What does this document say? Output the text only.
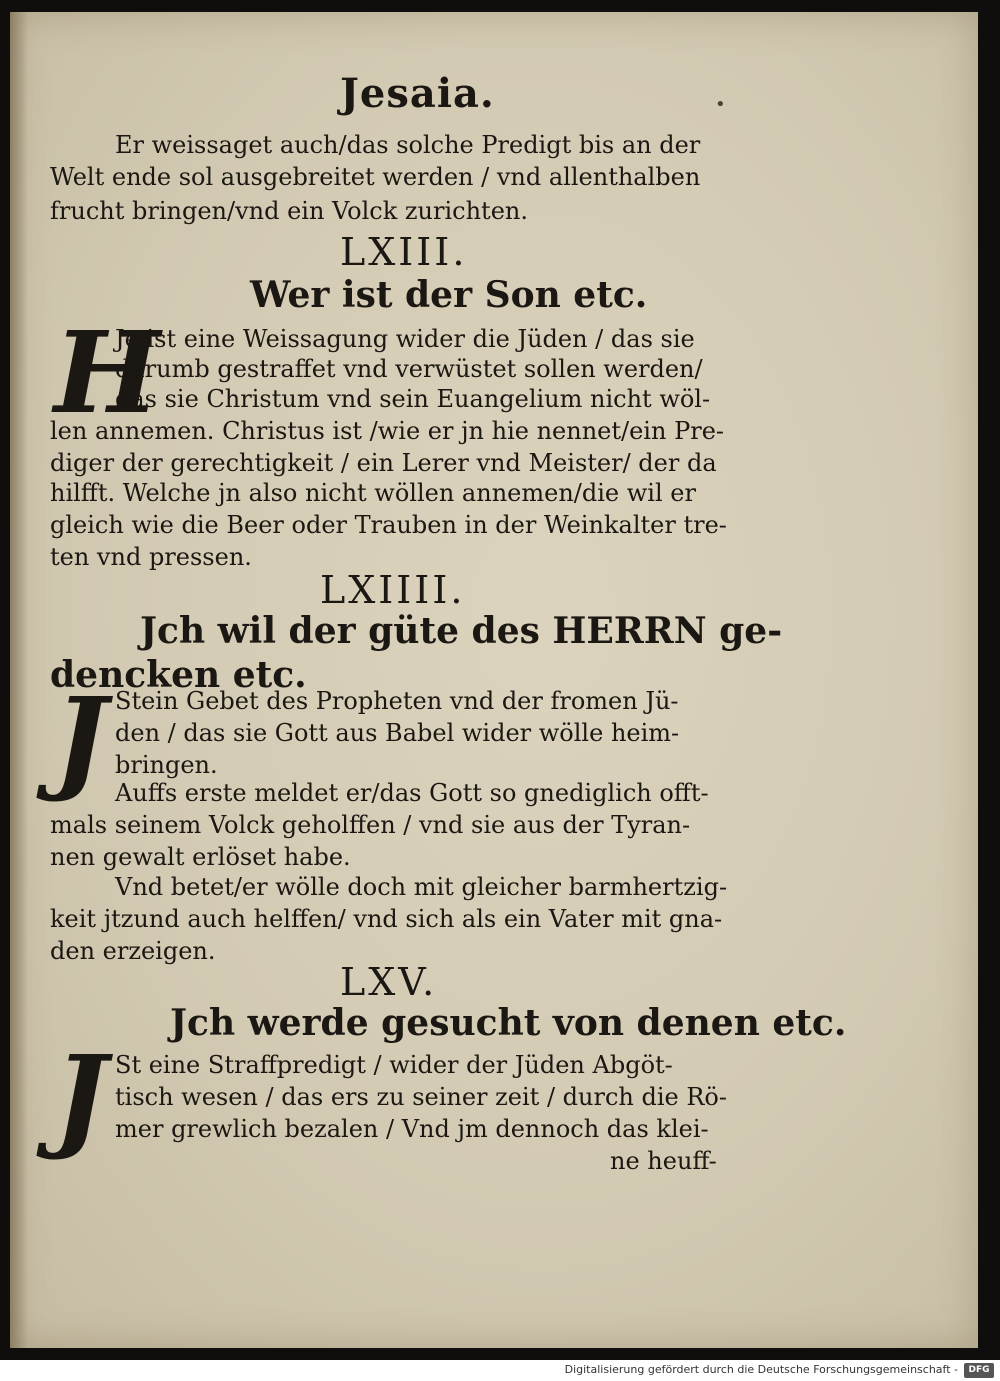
Jesaia.	•
Er weissaget auch/das solche Predigt bis an der
Welt ende sol ausgebreitet werden / vnd allenthalben
frucht bringen/vnd ein Volck zurichten.
LXIII.
Wer ist der Son etc.
H
Je ist eine Weissagung wider die Jüden / das sie
darumb gestraffet vnd verwüstet sollen werden/
das sie Christum vnd sein Euangelium nicht wöl-
len annemen. Christus ist /wie er jn hie nennet/ein Pre-
diger der gerechtigkeit / ein Lerer vnd Meister/ der da
hilfft. Welche jn also nicht wöllen annemen/die wil er
gleich wie die Beer oder Trauben in der Weinkalter tre-
ten vnd pressen.
LXIIII.
Jch wil der güte des HERRN ge-
dencken etc.
J Stein Gebet des Propheten vnd der fromen Jü-
den / das sie Gott aus Babel wider wölle heim-
bringen.
Auffs erste meldet er/das Gott so gnediglich offt-
mals seinem Volck geholffen / vnd sie aus der Tyran-
nen gewalt erlöset habe.
Vnd betet/er wölle doch mit gleicher barmhertzig-
keit jtzund auch helffen/ vnd sich als ein Vater mit gna-
den erzeigen.
LXV.
Jch werde gesucht von denen etc.
J St eine Straffpredigt / wider der Jüden Abgöt-
tisch wesen / das ers zu seiner zeit / durch die Rö-
mer grewlich bezalen / Vnd jm dennoch das klei-
ne heuff-
Digitalisierung gefördert durch die Deutsche Forschungsgemeinschaft -	DFG
